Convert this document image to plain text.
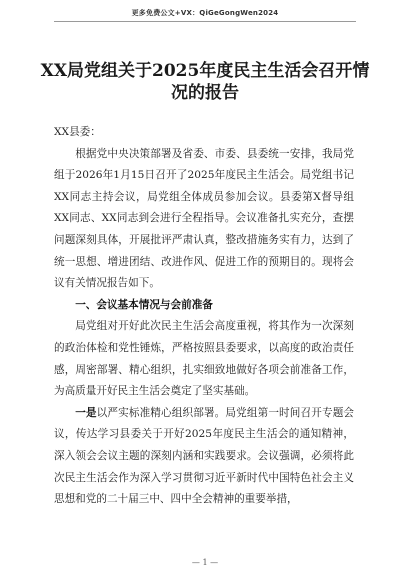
更多免费公文+VX：QiGeGongWen2024
XX局党组关于2025年度民主生活会召开情况的报告

XX县委：

根据党中央决策部署及省委、市委、县委统一安排，我局党组于2026年1月15日召开了2025年度民主生活会。局党组书记XX同志主持会议，局党组全体成员参加会议。县委第X督导组XX同志、XX同志到会进行全程指导。会议准备扎实充分，查摆问题深刻具体，开展批评严肃认真，整改措施务实有力，达到了统一思想、增进团结、改进作风、促进工作的预期目的。现将会议有关情况报告如下。

一、会议基本情况与会前准备

局党组对开好此次民主生活会高度重视，将其作为一次深刻的政治体检和党性锤炼，严格按照县委要求，以高度的政治责任感，周密部署、精心组织，扎实细致地做好各项会前准备工作，为高质量开好民主生活会奠定了坚实基础。

一是以严实标准精心组织部署。局党组第一时间召开专题会议，传达学习县委关于开好2025年度民主生活会的通知精神，深入领会会议主题的深刻内涵和实践要求。会议强调，必须将此次民主生活会作为深入学习贯彻习近平新时代中国特色社会主义思想和党的二十届三中、四中全会精神的重要举措，

— 1 —
